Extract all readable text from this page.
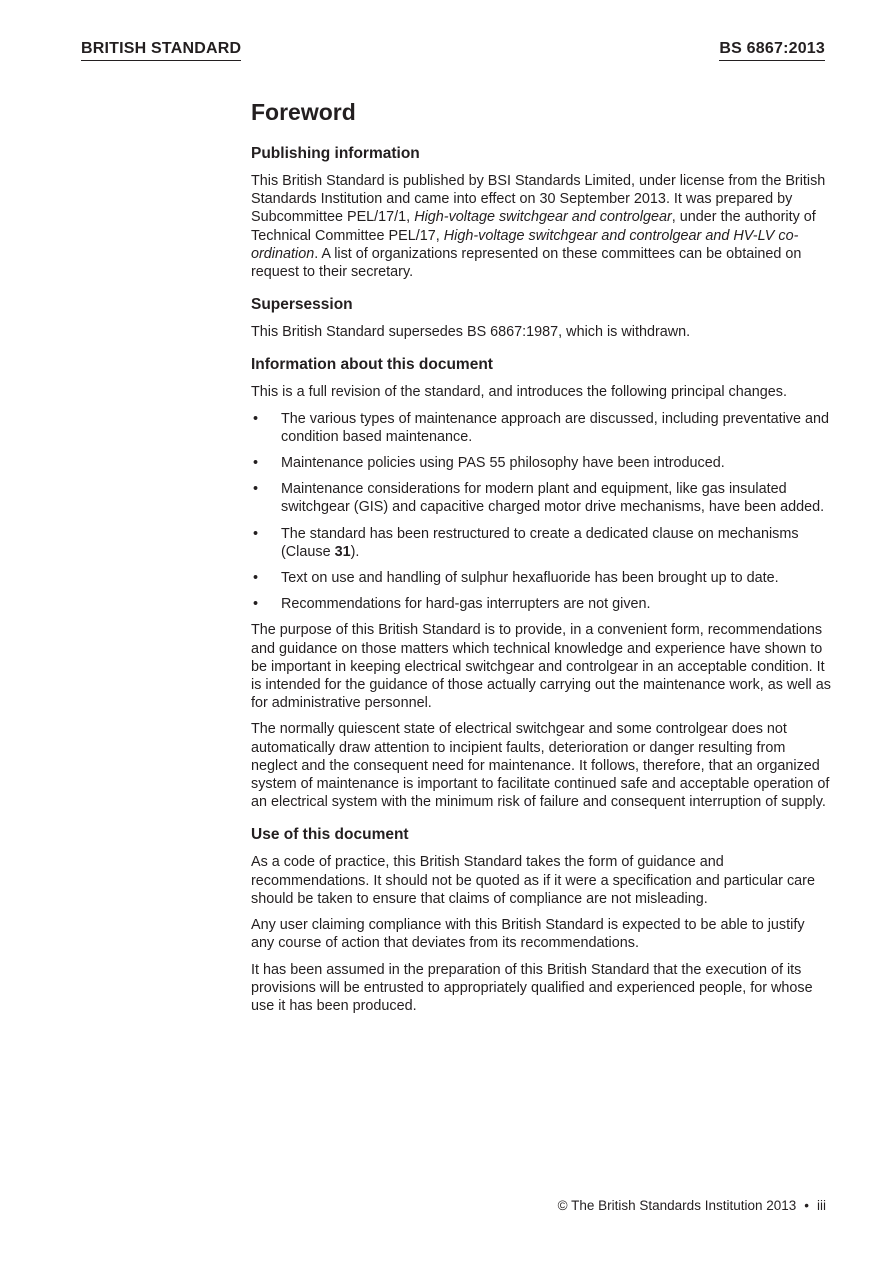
BRITISH STANDARD	BS 6867:2013
Foreword
Publishing information

This British Standard is published by BSI Standards Limited, under license from the British Standards Institution and came into effect on 30 September 2013. It was prepared by Subcommittee PEL/17/1, High-voltage switchgear and controlgear, under the authority of Technical Committee PEL/17, High-voltage switchgear and controlgear and HV-LV co-ordination. A list of organizations represented on these committees can be obtained on request to their secretary.

Supersession

This British Standard supersedes BS 6867:1987, which is withdrawn.

Information about this document

This is a full revision of the standard, and introduces the following principal changes.

• The various types of maintenance approach are discussed, including preventative and condition based maintenance.
• Maintenance policies using PAS 55 philosophy have been introduced.
• Maintenance considerations for modern plant and equipment, like gas insulated switchgear (GIS) and capacitive charged motor drive mechanisms, have been added.
• The standard has been restructured to create a dedicated clause on mechanisms (Clause 31).
• Text on use and handling of sulphur hexafluoride has been brought up to date.
• Recommendations for hard-gas interrupters are not given.

The purpose of this British Standard is to provide, in a convenient form, recommendations and guidance on those matters which technical knowledge and experience have shown to be important in keeping electrical switchgear and controlgear in an acceptable condition. It is intended for the guidance of those actually carrying out the maintenance work, as well as for administrative personnel.

The normally quiescent state of electrical switchgear and some controlgear does not automatically draw attention to incipient faults, deterioration or danger resulting from neglect and the consequent need for maintenance. It follows, therefore, that an organized system of maintenance is important to facilitate continued safe and acceptable operation of an electrical system with the minimum risk of failure and consequent interruption of supply.

Use of this document

As a code of practice, this British Standard takes the form of guidance and recommendations. It should not be quoted as if it were a specification and particular care should be taken to ensure that claims of compliance are not misleading.

Any user claiming compliance with this British Standard is expected to be able to justify any course of action that deviates from its recommendations.

It has been assumed in the preparation of this British Standard that the execution of its provisions will be entrusted to appropriately qualified and experienced people, for whose use it has been produced.

© The British Standards Institution 2013 • iii
